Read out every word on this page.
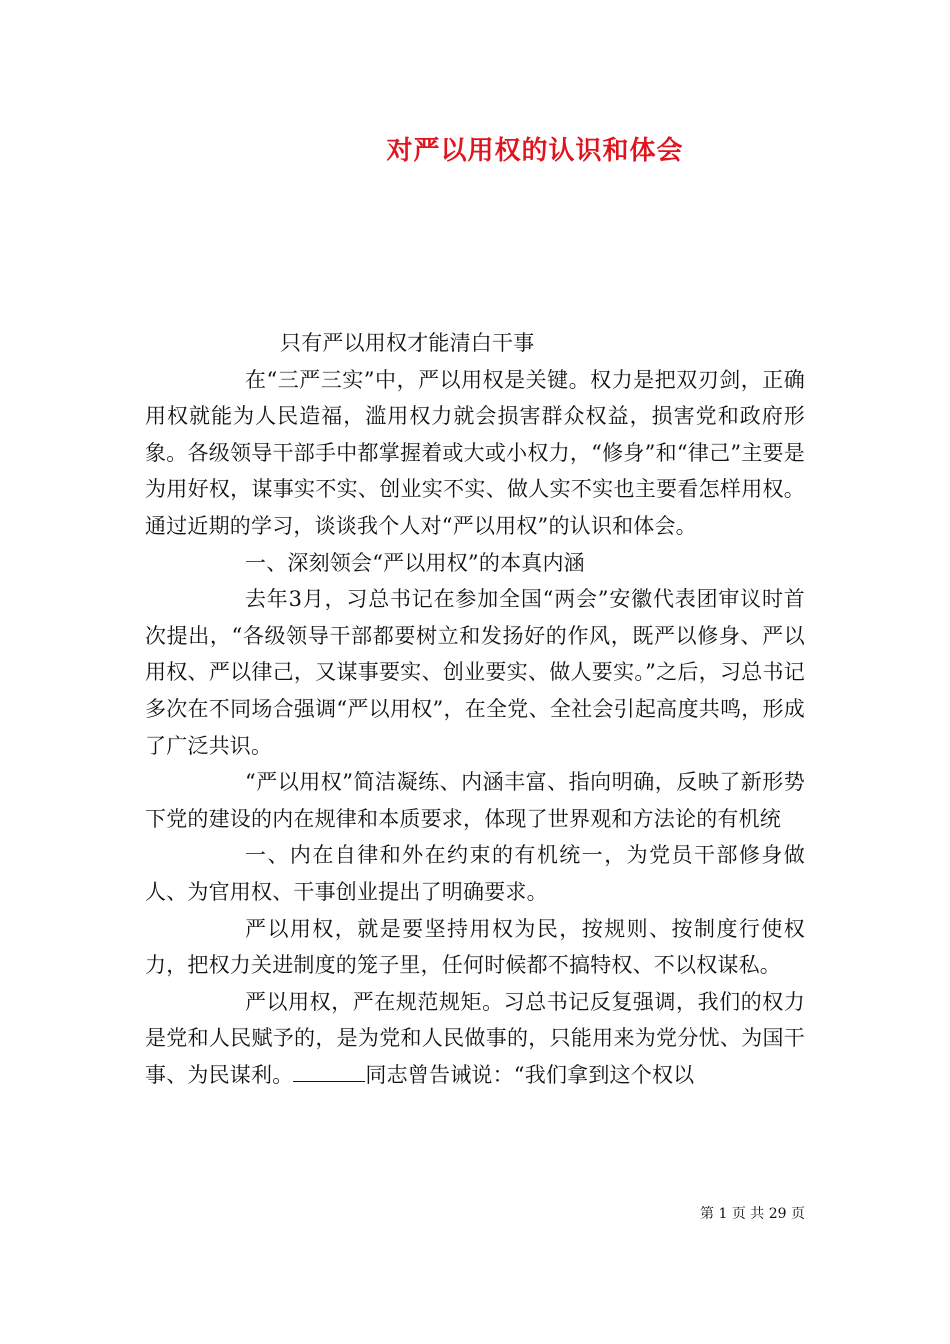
对严以用权的认识和体会

只有严以用权才能清白干事

在“三严三实”中，严以用权是关键。权力是把双刃剑，正确用权就能为人民造福，滥用权力就会损害群众权益，损害党和政府形象。各级领导干部手中都掌握着或大或小权力，“修身”和“律己”主要是为用好权，谋事实不实、创业实不实、做人实不实也主要看怎样用权。通过近期的学习，谈谈我个人对“严以用权”的认识和体会。

一、深刻领会“严以用权”的本真内涵

去年3月，习总书记在参加全国“两会”安徽代表团审议时首次提出，“各级领导干部都要树立和发扬好的作风，既严以修身、严以用权、严以律己，又谋事要实、创业要实、做人要实。”之后，习总书记多次在不同场合强调“严以用权”，在全党、全社会引起高度共鸣，形成了广泛共识。

“严以用权”简洁凝练、内涵丰富、指向明确，反映了新形势下党的建设的内在规律和本质要求，体现了世界观和方法论的有机统

一、内在自律和外在约束的有机统一，为党员干部修身做人、为官用权、干事创业提出了明确要求。

严以用权，就是要坚持用权为民，按规则、按制度行使权力，把权力关进制度的笼子里，任何时候都不搞特权、不以权谋私。

严以用权，严在规范规矩。习总书记反复强调，我们的权力是党和人民赋予的，是为党和人民做事的，只能用来为党分忧、为国干事、为民谋利。	同志曾告诫说：“我们拿到这个权以

第 1 页 共 29 页
